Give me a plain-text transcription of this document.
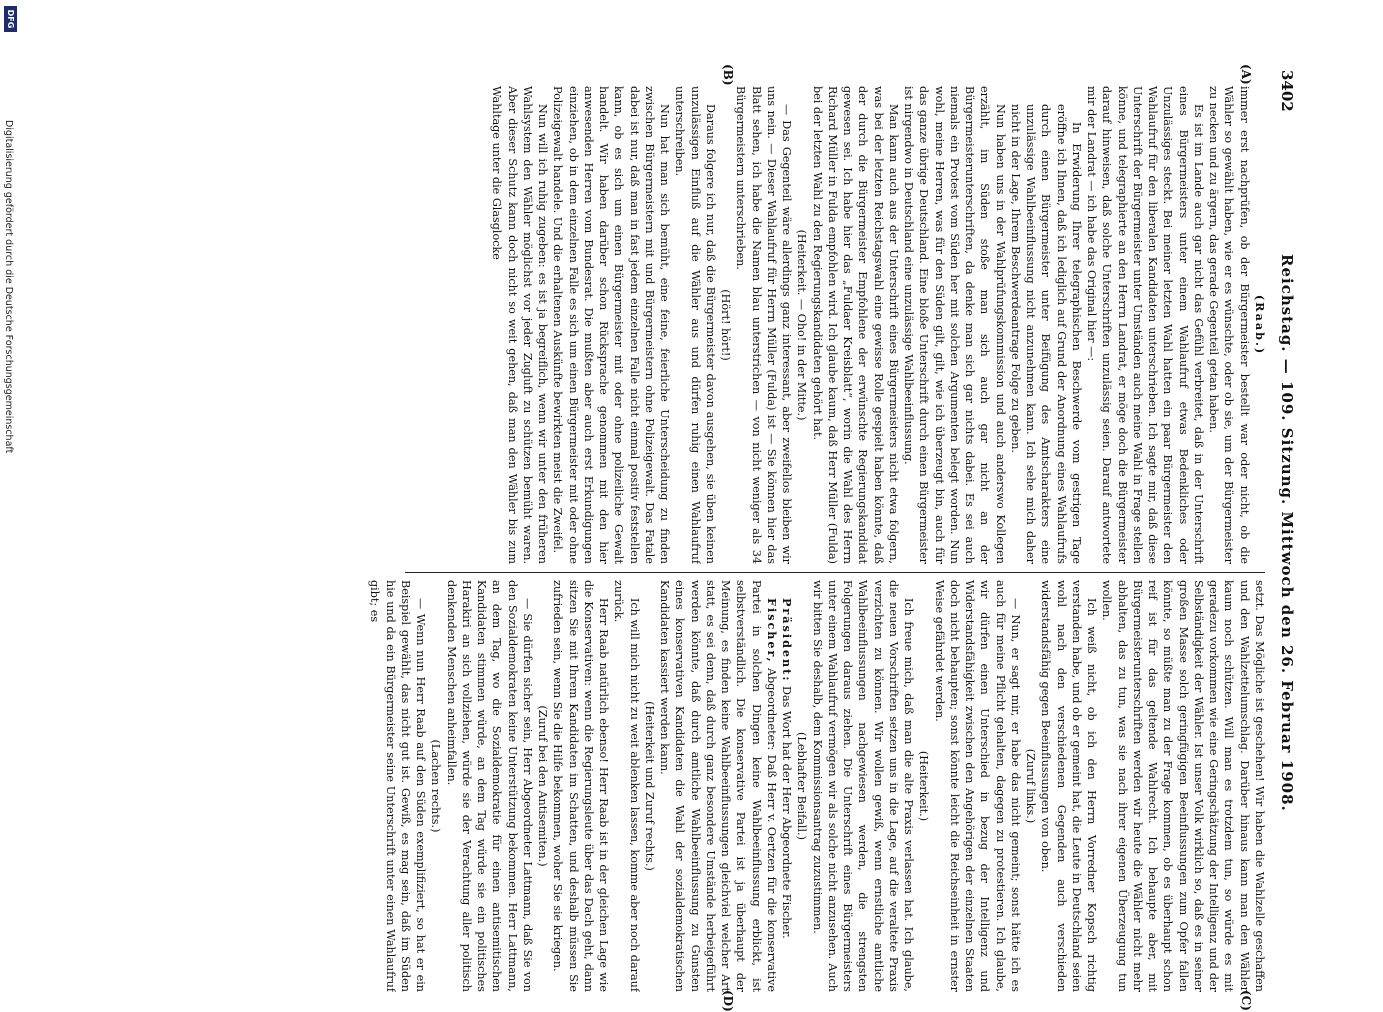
3402
Reichstag. — 109. Sitzung. Mittwoch den 26. Februar 1908.
(A)
(B)
(C)
(D)

(Raab.)

immer erst nachprüfen, ob der Bürgermeister bestellt war oder nicht, ob die Wähler so gewählt haben, wie er es wünschte, oder ob sie, um der Bürgermeister zu necken und zu ärgern, das gerade Gegenteil getan haben.

Es ist im Lande auch gar nicht das Gefühl verbreitet, daß in der Unterschrift eines Bürgermeisters unter einem Wahlaufruf etwas Bedenkliches oder Unzulässiges steckt. Bei meiner letzten Wahl hatten ein paar Bürgermeister den Wahlaufruf für den liberalen Kandidaten unterschrieben. Ich sagte mir, daß diese Unterschrift der Bürgermeister unter Umständen auch meine Wahl in Frage stellen könne, und telegraphierte an den Herrn Landrat, er möge doch die Bürgermeister darauf hinweisen, daß solche Unterschriften unzulässig seien. Darauf antwortete mir der Landrat — ich habe das Original hier —:

In Erwiderung Ihrer telegraphischen Beschwerde vom gestrigen Tage eröffne ich Ihnen, daß ich lediglich auf Grund der Anordnung eines Wahlaufrufs durch einen Bürgermeister unter Beifügung des Amtscharakters eine unzulässige Wahlbeeinflussung nicht anzunehmen kann. Ich sehe mich daher nicht in der Lage, Ihrem Beschwerdeantrage Folge zu geben.

Nun haben uns in der Wahlprüfungskommission und auch anderswo Kollegen erzählt, im Süden stoße man sich auch gar nicht an der Bürgermeisterunterschriften, da denke man sich gar nichts dabei. Es sei auch niemals ein Protest vom Süden her mit solchen Argumenten belegt worden. Nun wohl, meine Herren, was für den Süden gilt, gilt, wie ich überzeugt bin, auch für das ganze übrige Deutschland. Eine bloße Unterschrift durch einen Bürgermeister ist nirgendwo in Deutschland eine unzulässige Wahlbeeinflussung.

Man kann auch aus der Unterschrift eines Bürgermeisters nicht etwa folgern, was bei der letzten Reichstagswahl eine gewisse Rolle gespielt haben könnte, daß der durch die Bürgermeister Empfohlene der erwünschte Regierungskandidat gewesen sei. Ich habe hier das „Fuldaer Kreisblatt“, worin die Wahl des Herrn Richard Müller in Fulda empfohlen wird. Ich glaube kaum, daß Herr Müller (Fulda) bei der letzten Wahl zu den Regierungskandidaten gehört hat.

(Heiterkeit. — Oho! in der Mitte.)

— Das Gegenteil wäre allerdings ganz interessant, aber zweifellos bleiben wir uns nein. — Dieser Wahlaufruf für Herrn Müller (Fulda) ist — Sie können hier das Blatt sehen, ich habe die Namen blau unterstrichen — von nicht weniger als 34 Bürgermeistern unterschrieben.

(Hört! hört!)

Daraus folgere ich nur, daß die Bürgermeister davon ausgehen, sie üben keinen unzulässigen Einfluß auf die Wähler aus und dürfen ruhig einen Wahlaufruf unterschreiben.

Nun hat man sich bemüht, eine feine, feierliche Unterscheidung zu finden zwischen Bürgermeistern mit und Bürgermeistern ohne Polizeigewalt. Das Fatale dabei ist nur, daß man in fast jedem einzelnen Falle nicht einmal positiv feststellen kann, ob es sich um einen Bürgermeister mit oder ohne polizeiliche Gewalt handelt. Wir haben darüber schon Rücksprache genommen mit den hier anwesenden Herren vom Bundesrat. Die mußten aber auch erst Erkundigungen einziehen, ob in dem einzelnen Falle es sich um einen Bürgermeister mit oder ohne Polizeigewalt handele. Und die erhaltenen Auskünfte bewirkten meist die Zweifel.

Nun will ich ruhig zugeben: es ist ja begreiflich, wenn wir unter den früheren Wahlsystem den Wähler möglichst vor jeder Zugluft zu schützen bemüht waren. Aber dieser Schutz kann doch nicht so weit gehen, daß man den Wähler bis zum Wahltage unter die Glasglocke

setzt. Das Mögliche ist geschehen! Wir haben die Wahlzelle geschaffen und den Wahlzettelumschlag. Darüber hinaus kann man den Wähler kaum noch schützen. Will man es trotzdem tun, so würde es mit geradezu vorkommen wie eine Geringschätzung der Intelligenz und der Selbständigkeit der Wähler. Ist unser Volk wirklich so, daß es in seiner großen Masse solch geringfügigen Beeinflussungen zum Opfer fallen könnte, so müßte man zu der Frage kommen, ob es überhaupt schon reif ist für das geltende Wahlrecht. Ich behaupte aber, mit Bürgermeisterunterschriften werden wir heute die Wähler nicht mehr abhalten, das zu tun, was sie nach ihrer eigenen Überzeugung tun wollen.

Ich weiß nicht, ob ich den Herrn Vorredner Kopsch richtig verstanden habe, und ob er gemeint hat, die Leute in Deutschland seien wohl nach den verschiedenen Gegenden auch verschieden widerstandsfähig gegen Beeinflussungen von oben.

(Zuruf links.)

— Nun, er sagt mir, er habe das nicht gemeint; sonst hätte ich es auch für meine Pflicht gehalten, dagegen zu protestieren. Ich glaube, wir dürfen einen Unterschied in bezug der Intelligenz und Widerstandsfähigkeit zwischen den Angehörigen der einzelnen Staaten doch nicht behaupten; sonst könnte leicht die Reichseinheit in ernster Weise gefährdet werden.

(Heiterkeit.)

Ich freue mich, daß man die alte Praxis verlassen hat. Ich glaube, die neuen Vorschriften setzen uns in die Lage, auf die veraltete Praxis verzichten zu können. Wir wollen gewiß, wenn ernstliche amtliche Wahlbeeinflussungen nachgewiesen werden, die strengsten Folgerungen daraus ziehen. Die Unterschrift eines Bürgermeisters unter einem Wahlaufruf vermögen wir als solche nicht anzusehen. Auch wir bitten Sie deshalb, dem Kommissionsantrag zuzustimmen.

(Lebhafter Beifall.)

Präsident: Das Wort hat der Herr Abgeordnete Fischer.

Fischer, Abgeordneter: Daß Herr v. Oertzen für die konservative Partei in solchen Dingen keine Wahlbeeinflussung erblickt, ist selbstverständlich. Die konservative Partei ist ja überhaupt der Meinung, es finden keine Wahlbeeinflussungen gleichviel welcher Art statt, es sei denn, daß durch ganz besondere Umstände herbeigeführt werden könnte, daß durch amtliche Wahlbeeinflussung zu Gunsten eines konservativen Kandidaten die Wahl der sozialdemokratischen Kandidaten kassiert werden kann.

(Heiterkeit und Zuruf rechts.)

Ich will mich nicht zu weit ablenken lassen, komme aber noch darauf zurück.

Herr Raab natürlich ebenso! Herr Raab ist in der gleichen Lage wie die Konservativen: wenn die Regierungsleute über das Dach geht, dann sitzen Sie mit Ihrem Kandidaten im Schatten, und deshalb müssen Sie zufrieden sein, wenn Sie die Hilfe bekommen, woher Sie sie kriegen.

(Zuruf bei den Antisemiten.)

— Sie dürfen sicher sein, Herr Abgeordneter Lattmann, daß Sie von den Sozialdemokraten keine Unterstützung bekommen. Herr Lattmann, an dem Tag, wo die Sozialdemokratie für einen antisemitischen Kandidaten stimmen würde, an dem Tag würde sie ein politisches Harakiri an sich vollziehen, würde sie der Verachtung aller politisch denkenden Menschen anheimfallen.

(Lachen rechts.)

— Wenn nun Herr Raab auf den Süden exemplifiziert, so hat er ein Beispiel gewählt, das nicht gut ist. Gewiß, es mag sein, daß im Süden hie und da ein Bürgermeister seine Unterschrift unter einen Wahlaufruf gibt; es

DFG
Digitalisierung gefördert durch die Deutsche Forschungsgemeinschaft
